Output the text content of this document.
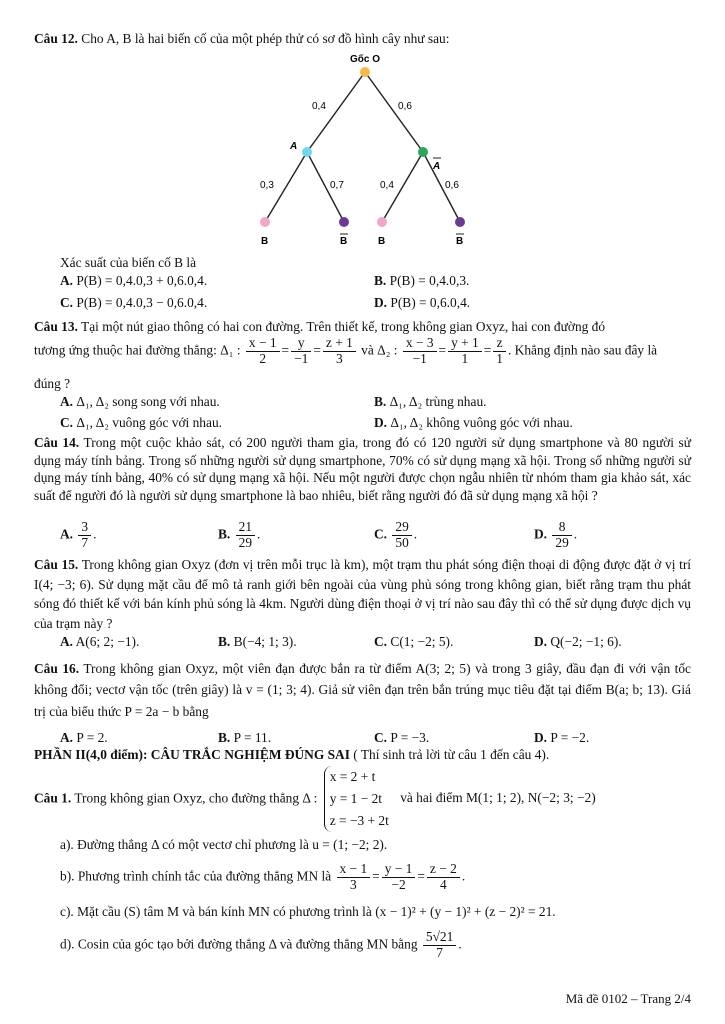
Câu 12. Cho A, B là hai biến cố của một phép thử có sơ đồ hình cây như sau:
Gốc O
0,4	0,6
A
A
0,3	0,7	0,4	0,6
B	B	B	B
Xác suất của biến cố B là
A. P(B) = 0,4.0,3 + 0,6.0,4.	B. P(B) = 0,4.0,3.
C. P(B) = 0,4.0,3 − 0,6.0,4.	D. P(B) = 0,6.0,4.
Câu 13. Tại một nút giao thông có hai con đường. Trên thiết kế, trong không gian Oxyz, hai con đường đó
tương ứng thuộc hai đường thẳng: Δ₁ : $\frac{x - 1}{2} = \frac{y}{-1} = \frac{z + 1}{3}$ và Δ₂ : $\frac{x - 3}{-1} = \frac{y + 1}{1} = \frac{z}{1}$ . Khẳng định nào sau đây là
đúng ?
A. Δ₁, Δ₂ song song với nhau.	B. Δ₁, Δ₂ trùng nhau.
C. Δ₁, Δ₂ vuông góc với nhau.	D. Δ₁, Δ₂ không vuông góc với nhau.
Câu 14. Trong một cuộc khảo sát, có 200 người tham gia, trong đó có 120 người sử dụng smartphone và 80 người sử dụng máy tính bảng. Trong số những người sử dụng smartphone, 70% có sử dụng mạng xã hội. Trong số những người sử dụng máy tính bảng, 40% có sử dụng mạng xã hội. Nếu một người được chọn ngẫu nhiên từ nhóm tham gia khảo sát, xác suất để người đó là người sử dụng smartphone là bao nhiêu, biết rằng người đó đã sử dụng mạng xã hội ?
A. $\frac{3}{7}$ .	B. $\frac{21}{29}$ .	C. $\frac{29}{50}$ .	D. $\frac{8}{29}$ .
Câu 15. Trong không gian Oxyz (đơn vị trên mỗi trục là km), một trạm thu phát sóng điện thoại di động được đặt ở vị trí I(4; −3; 6). Sử dụng mặt cầu để mô tả ranh giới bên ngoài của vùng phủ sóng trong không gian, biết rằng trạm thu phát sóng đó thiết kế với bán kính phủ sóng là 4km. Người dùng điện thoại ở vị trí nào sau đây thì có thể sử dụng được dịch vụ của trạm này ?
A. A(6; 2; −1).	B. B(−4; 1; 3).	C. C(1; −2; 5).	D. Q(−2; −1; 6).
Câu 16. Trong không gian Oxyz, một viên đạn được bắn ra từ điểm A(3; 2; 5) và trong 3 giây, đầu đạn đi với vận tốc không đổi; vectơ vận tốc (trên giây) là v = (1; 3; 4). Giả sử viên đạn trên bắn trúng mục tiêu đặt tại điểm B(a; b; 13). Giá trị của biểu thức P = 2a − b bằng
A. P = 2.	B. P = 11.	C. P = −3.	D. P = −2.
PHẦN II(4,0 điểm): CÂU TRẮC NGHIỆM ĐÚNG SAI ( Thí sinh trả lời từ câu 1 đến câu 4).
Câu 1. Trong không gian Oxyz, cho đường thẳng Δ :
x = 2 + t
y = 1 − 2t
z = −3 + 2t
và hai điểm M(1; 1; 2), N(−2; 3; −2)
a). Đường thẳng Δ có một vectơ chỉ phương là u = (1; −2; 2).
b). Phương trình chính tắc của đường thẳng MN là $\frac{x - 1}{3} = \frac{y - 1}{-2} = \frac{z - 2}{4}$ .
c). Mặt cầu (S) tâm M và bán kính MN có phương trình là (x − 1)² + (y − 1)² + (z − 2)² = 21.
d). Cosin của góc tạo bởi đường thẳng Δ và đường thẳng MN bằng $\frac{5√21}{7}$ .
Mã đề 0102 – Trang 2/4
